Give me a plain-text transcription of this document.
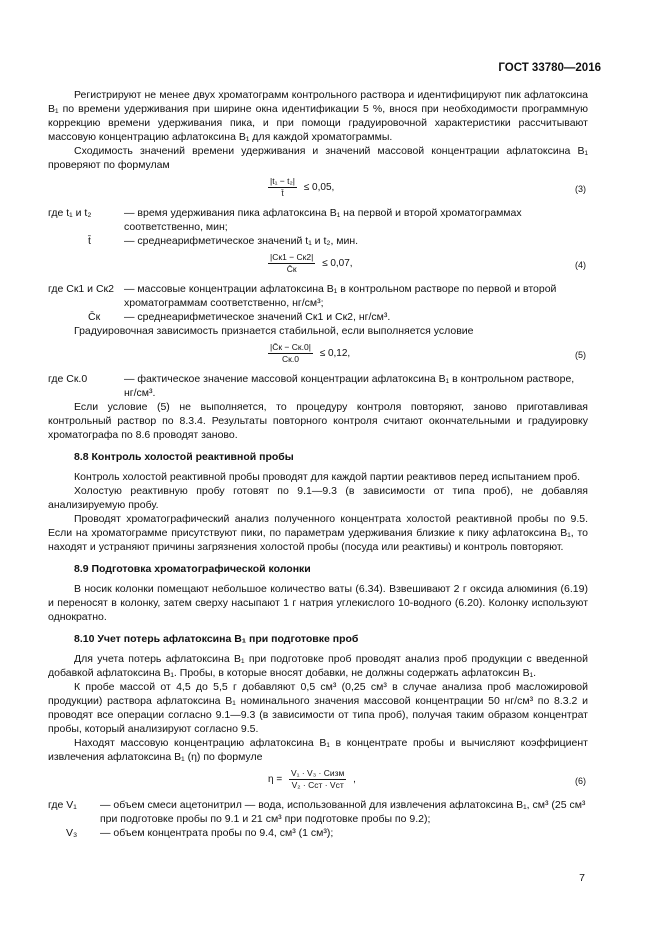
ГОСТ 33780—2016

Регистрируют не менее двух хроматограмм контрольного раствора и идентифицируют пик афлатоксина B₁ по времени удерживания при ширине окна идентификации 5 %, внося при необходимости программную коррекцию времени удерживания пика, и при помощи градуировочной характеристики рассчитывают массовую концентрацию афлатоксина B₁ для каждой хроматограммы.

Сходимость значений времени удерживания и значений массовой концентрации афлатоксина B₁ проверяют по формулам

$\frac{\text{|t₁ − t₂|}}{t̄} \le 0,05$,	(3)
где t₁ и t₂	— время удерживания пика афлатоксина B₁ на первой и второй хроматограммах соответственно, мин;
t̄	— среднеарифметическое значений t₁ и t₂, мин.
$\frac{|Cк1 - Cк2|}{C̄к} \le 0,07$,	(4)
где Cк1 и Cк2 — массовые концентрации афлатоксина B₁ в контрольном растворе по первой и второй хроматограммам соответственно, нг/см³;
C̄к — среднеарифметическое значений Cк1 и Cк2, нг/см³.

Градуировочная зависимость признается стабильной, если выполняется условие

$\frac{|C̄к - Cк.0|}{Cк.0} \le 0,12$,	(5)
где Cк.0	— фактическое значение массовой концентрации афлатоксина B₁ в контрольном растворе, нг/см³.

Если условие (5) не выполняется, то процедуру контроля повторяют, заново приготавливая контрольный раствор по 8.3.4. Результаты повторного контроля считают окончательными и градуировку хроматографа по 8.6 проводят заново.

8.8 Контроль холостой реактивной пробы

Контроль холостой реактивной пробы проводят для каждой партии реактивов перед испытанием проб.

Холостую реактивную пробу готовят по 9.1—9.3 (в зависимости от типа проб), не добавляя анализируемую пробу.

Проводят хроматографический анализ полученного концентрата холостой реактивной пробы по 9.5. Если на хроматограмме присутствуют пики, по параметрам удерживания близкие к пику афлатоксина B₁, то находят и устраняют причины загрязнения холостой пробы (посуда или реактивы) и контроль повторяют.

8.9 Подготовка хроматографической колонки

В носик колонки помещают небольшое количество ваты (6.34). Взвешивают 2 г оксида алюминия (6.19) и переносят в колонку, затем сверху насыпают 1 г натрия углекислого 10-водного (6.20). Колонку используют однократно.

8.10 Учет потерь афлатоксина B₁ при подготовке проб

Для учета потерь афлатоксина B₁ при подготовке проб проводят анализ проб продукции с введенной добавкой афлатоксина B₁. Пробы, в которые вносят добавки, не должны содержать афлатоксин B₁.

К пробе массой от 4,5 до 5,5 г добавляют 0,5 см³ (0,25 см³ в случае анализа проб масложировой продукции) раствора афлатоксина B₁ номинального значения массовой концентрации 50 нг/см³ по 8.3.2 и проводят все операции согласно 9.1—9.3 (в зависимости от типа проб), получая таким образом концентрат пробы, который анализируют согласно 9.5.

Находят массовую концентрацию афлатоксина B₁ в концентрате пробы и вычисляют коэффициент извлечения афлатоксина B₁ (η) по формуле

$\eta = \frac{\text{V₁ · V₃ · Cизм}}{\text{V₂ · Cст · Vст}}$ ,	(6)
где V₁ — объем смеси ацетонитрил — вода, использованной для извлечения афлатоксина B₁, см³ (25 см³ при подготовке пробы по 9.1 и 21 см³ при подготовке пробы по 9.2);
V₃ — объем концентрата пробы по 9.4, см³ (1 см³);
7
